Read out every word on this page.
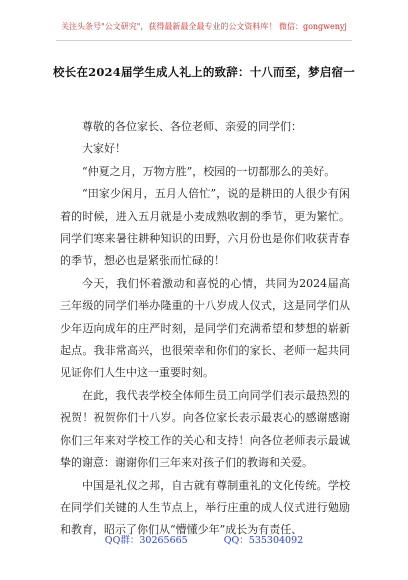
关注头条号"公文研究"，获得最新最全最专业的公文资料库！ 微信：gongwenyj
校长在2024届学生成人礼上的致辞：十八而至，梦启宿一

尊敬的各位家长、各位老师、亲爱的同学们：

大家好！

“仲夏之月，万物方胜”，校园的一切都那么的美好。

“田家少闲月，五月人倍忙”，说的是耕田的人很少有闲着的时候，进入五月就是小麦成熟收割的季节，更为繁忙。同学们寒来暑往耕种知识的田野，六月份也是你们收获青春的季节，想必也是紧张而忙碌的！

今天，我们怀着激动和喜悦的心情，共同为2024届高三年级的同学们举办隆重的十八岁成人仪式，这是同学们从少年迈向成年的庄严时刻，是同学们充满希望和梦想的崭新起点。我非常高兴，也很荣幸和你们的家长、老师一起共同见证你们人生中这一重要时刻。

在此，我代表学校全体师生员工向同学们表示最热烈的祝贺！祝贺你们十八岁。向各位家长表示最衷心的感谢感谢你们三年来对学校工作的关心和支持！向各位老师表示最诚挚的谢意：谢谢你们三年来对孩子们的教诲和关爱。

中国是礼仪之邦，自古就有尊制重礼的文化传统。学校在同学们关键的人生节点上，举行庄重的成人仪式进行勉励和教育，昭示了你们从“懵懂少年”成长为有责任、

QQ群：30265665	QQ：535304092
